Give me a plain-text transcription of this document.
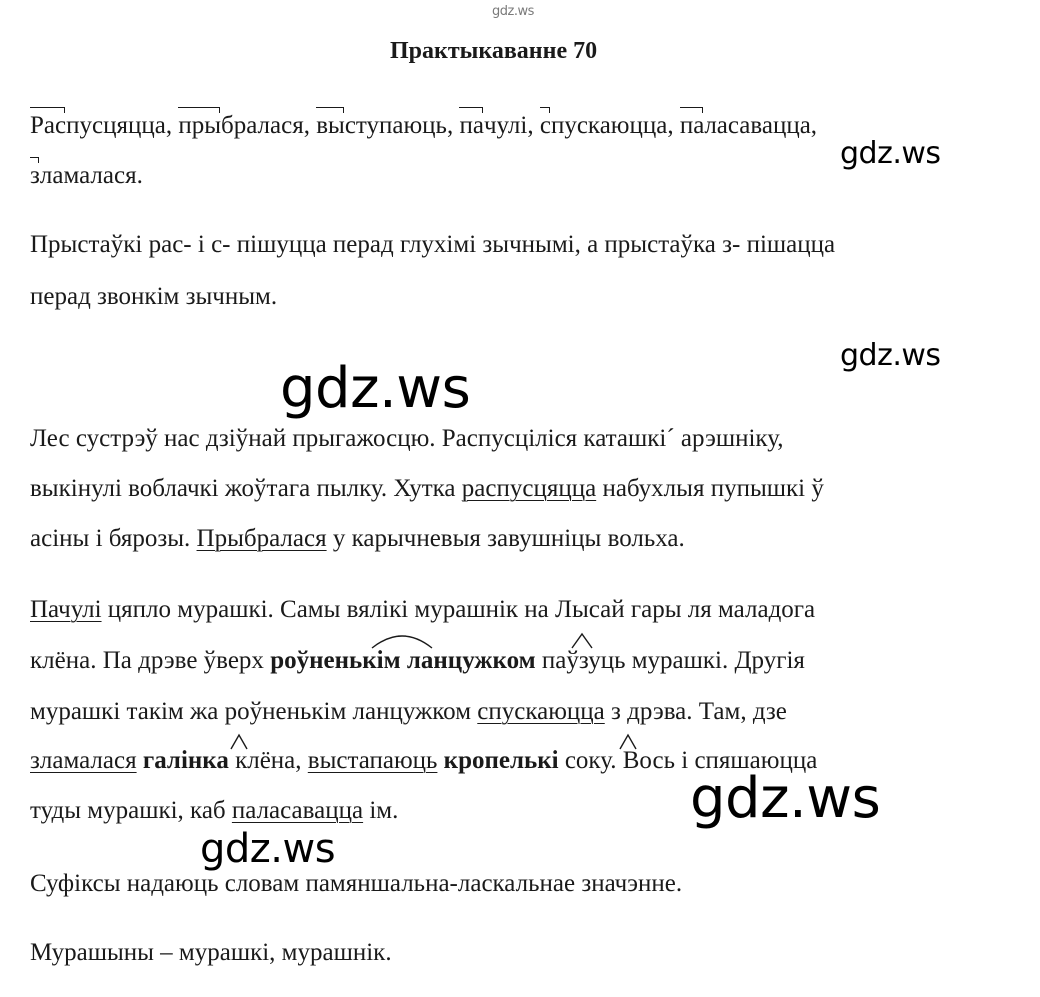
gdz.ws
gdz.ws
gdz.ws
gdz.ws
gdz.ws
gdz.ws
Практыкаванне 70
Распусцяцца, прыбралася, выступаюць, пачулі, спускаюцца, паласавацца,
зламалася.
Прыстаўкі рас- і с- пішуцца перад глухімі зычнымі, а прыстаўка з- пішацца
перад звонкім зычным.
Лес сустрэў нас дзіўнай прыгажосцю. Распусціліся каташкі´ арэшніку,
выкінулі воблачкі жоўтага пылку. Хутка распусцяцца набухлыя пупышкі ў
асіны і бярозы. Прыбралася у карычневыя завушніцы вольха.
Пачулі цяпло мурашкі. Самы вялікі мурашнік на Лысай гары ля маладога
клёна. Па дрэве ўверх роўненькім ланцужком паўзуць мурашкі. Другія
мурашкі такім жа роўненькім ланцужком спускаюцца з дрэва. Там, дзе
зламалася галінка клёна, выстапаюць кропелькі соку. Вось і спяшаюцца
туды мурашкі, каб паласавацца ім.
Суфіксы надаюць словам памяншальна-ласкальнае значэнне.
Мурашыны – мурашкі, мурашнік.
